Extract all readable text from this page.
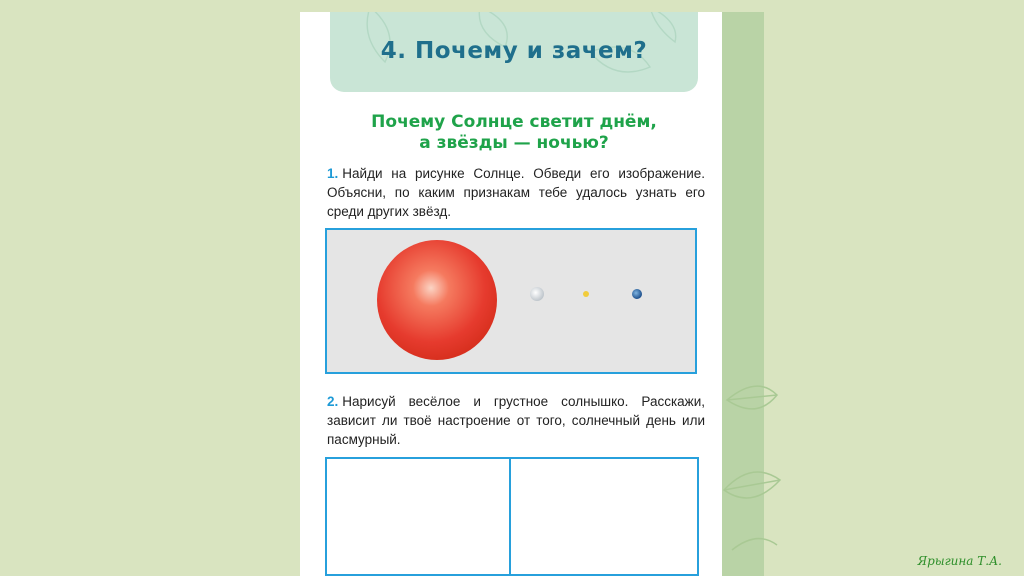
4. Почему и зачем?
Почему Солнце светит днём,
а звёзды — ночью?
1. Найди на рисунке Солнце. Обведи его изображение. Объясни, по каким признакам тебе удалось узнать его среди других звёзд.
2. Нарисуй весёлое и грустное солнышко. Расскажи, зависит ли твоё настроение от того, солнечный день или пасмурный.
Ярыгина Т.А.
